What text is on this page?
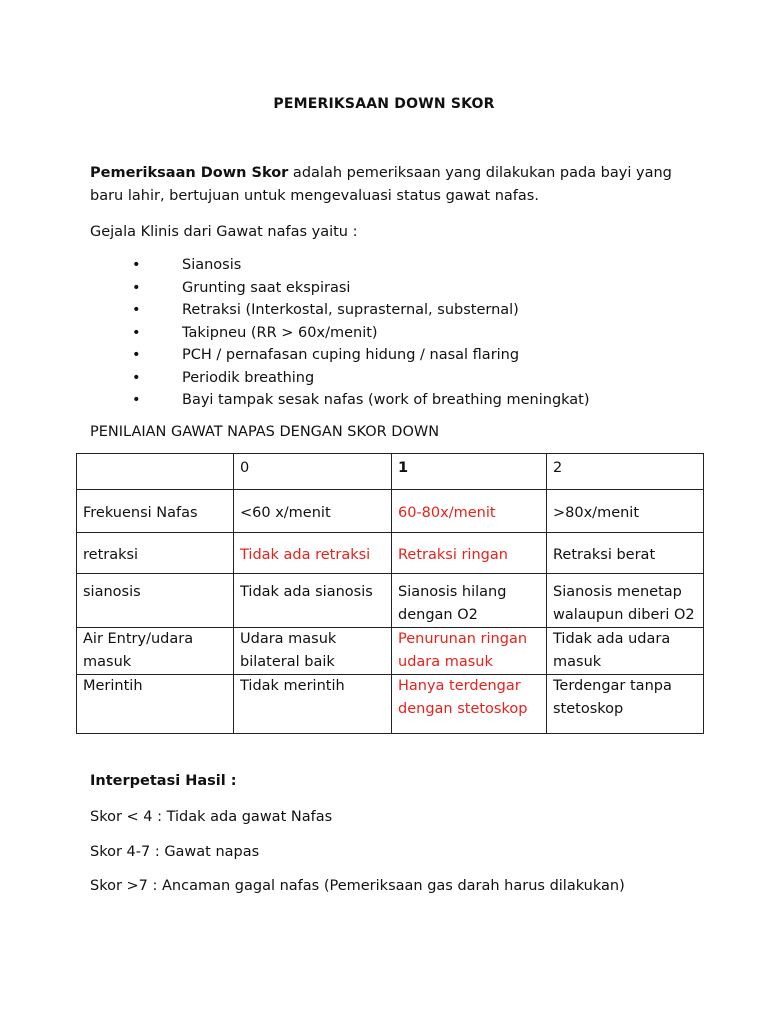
PEMERIKSAAN DOWN SKOR
Pemeriksaan Down Skor adalah pemeriksaan yang dilakukan pada bayi yang baru lahir, bertujuan untuk mengevaluasi status gawat nafas.
Gejala Klinis dari Gawat nafas yaitu :
•	Sianosis
•	Grunting saat ekspirasi
•	Retraksi (Interkostal, suprasternal, substernal)
•	Takipneu (RR > 60x/menit)
•	PCH / pernafasan cuping hidung / nasal flaring
•	Periodik breathing
•	Bayi tampak sesak nafas (work of breathing meningkat)
PENILAIAN GAWAT NAPAS DENGAN SKOR DOWN
	0	1	2
Frekuensi Nafas	<60 x/menit	60-80x/menit	>80x/menit
retraksi	Tidak ada retraksi	Retraksi ringan	Retraksi berat
sianosis	Tidak ada sianosis	Sianosis hilang dengan O2	Sianosis menetap walaupun diberi O2
Air Entry/udara masuk	Udara masuk bilateral baik	Penurunan ringan udara masuk	Tidak ada udara masuk
Merintih	Tidak merintih	Hanya terdengar dengan stetoskop	Terdengar tanpa stetoskop
Interpetasi Hasil :
Skor < 4 : Tidak ada gawat Nafas
Skor 4-7 : Gawat napas
Skor >7 : Ancaman gagal nafas (Pemeriksaan gas darah harus dilakukan)
